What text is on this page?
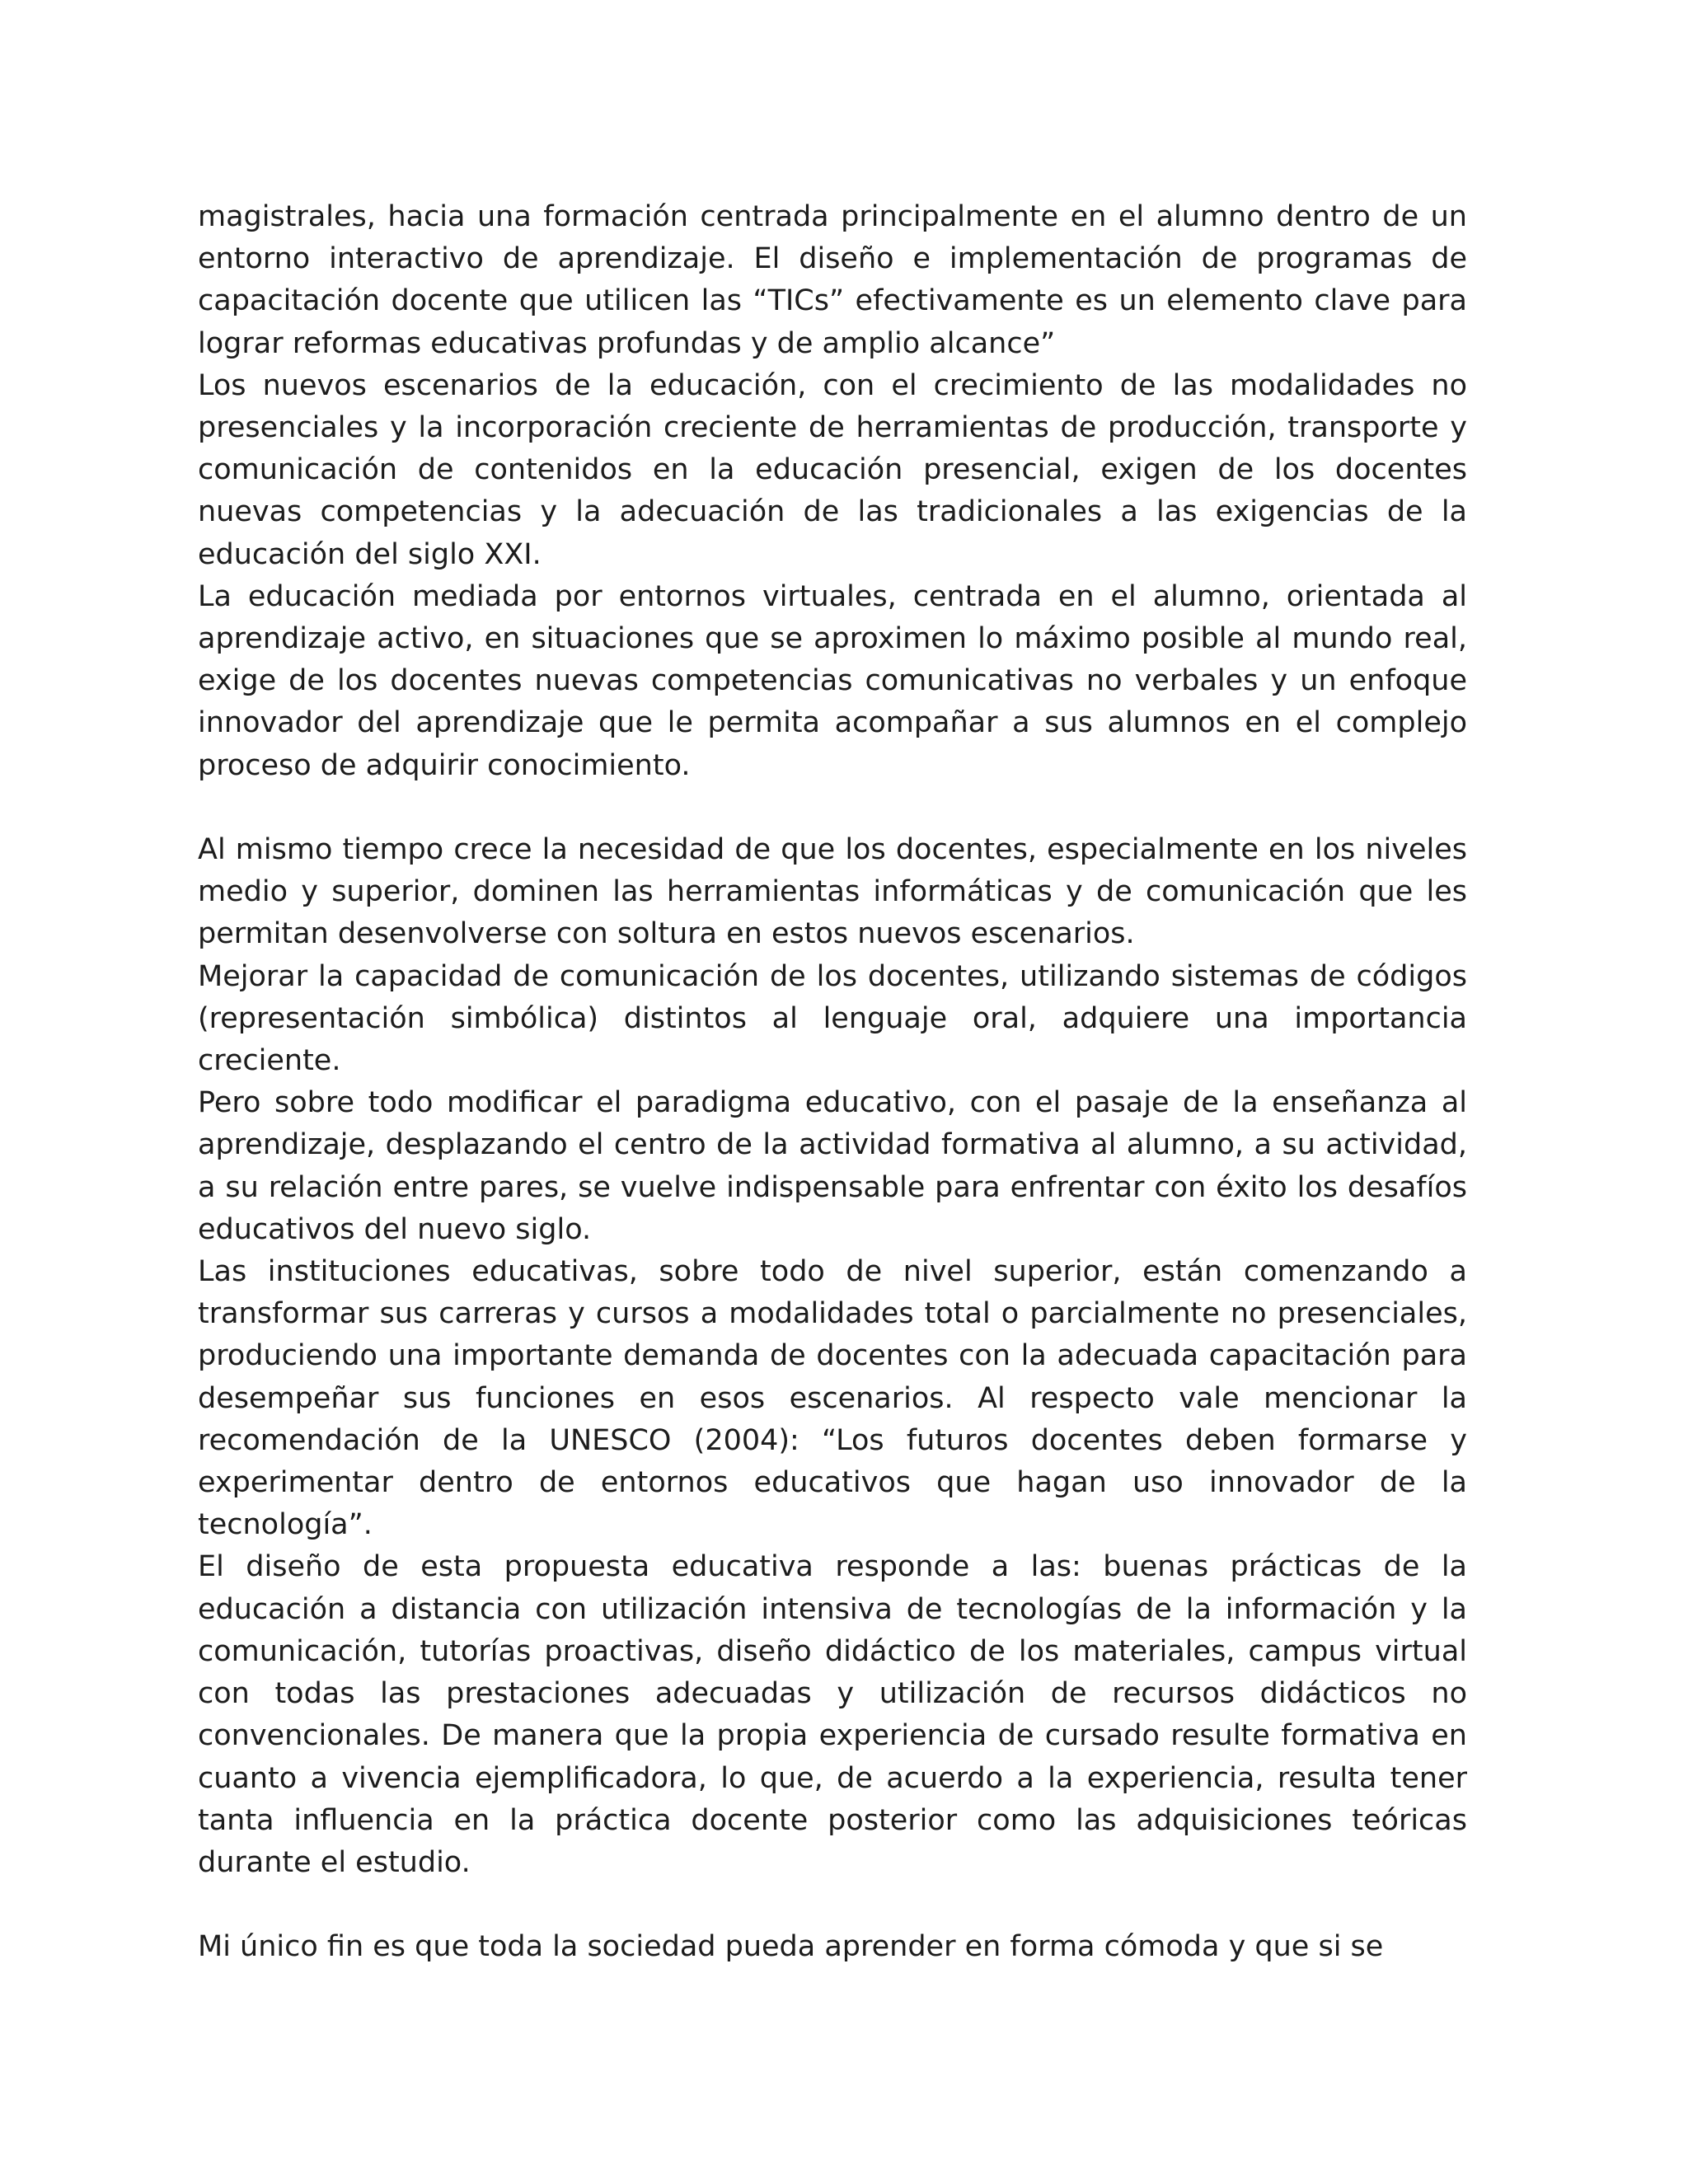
magistrales, hacia una formación centrada principalmente en el alumno dentro de un entorno interactivo de aprendizaje. El diseño e implementación de programas de capacitación docente que utilicen las “TICs” efectivamente es un elemento clave para lograr reformas educativas profundas y de amplio alcance”

Los nuevos escenarios de la educación, con el crecimiento de las modalidades no presenciales y la incorporación creciente de herramientas de producción, transporte y comunicación de contenidos en la educación presencial, exigen de los docentes nuevas competencias y la adecuación de las tradicionales a las exigencias de la educación del siglo XXI.

La educación mediada por entornos virtuales, centrada en el alumno, orientada al aprendizaje activo, en situaciones que se aproximen lo máximo posible al mundo real, exige de los docentes nuevas competencias comunicativas no verbales y un enfoque innovador del aprendizaje que le permita acompañar a sus alumnos en el complejo proceso de adquirir conocimiento.

Al mismo tiempo crece la necesidad de que los docentes, especialmente en los niveles medio y superior, dominen las herramientas informáticas y de comunicación que les permitan desenvolverse con soltura en estos nuevos escenarios.

Mejorar la capacidad de comunicación de los docentes, utilizando sistemas de códigos (representación simbólica) distintos al lenguaje oral, adquiere una importancia creciente.

Pero sobre todo modificar el paradigma educativo, con el pasaje de la enseñanza al aprendizaje, desplazando el centro de la actividad formativa al alumno, a su actividad, a su relación entre pares, se vuelve indispensable para enfrentar con éxito los desafíos educativos del nuevo siglo.

Las instituciones educativas, sobre todo de nivel superior, están comenzando a transformar sus carreras y cursos a modalidades total o parcialmente no presenciales, produciendo una importante demanda de docentes con la adecuada capacitación para desempeñar sus funciones en esos escenarios. Al respecto vale mencionar la recomendación de la UNESCO (2004): “Los futuros docentes deben formarse y experimentar dentro de entornos educativos que hagan uso innovador de la tecnología”.

El diseño de esta propuesta educativa responde a las: buenas prácticas de la educación a distancia con utilización intensiva de tecnologías de la información y la comunicación, tutorías proactivas, diseño didáctico de los materiales, campus virtual con todas las prestaciones adecuadas y utilización de recursos didácticos no convencionales. De manera que la propia experiencia de cursado resulte formativa en cuanto a vivencia ejemplificadora, lo que, de acuerdo a la experiencia, resulta tener tanta influencia en la práctica docente posterior como las adquisiciones teóricas durante el estudio.

Mi único fin es que toda la sociedad pueda aprender en forma cómoda y que si se
